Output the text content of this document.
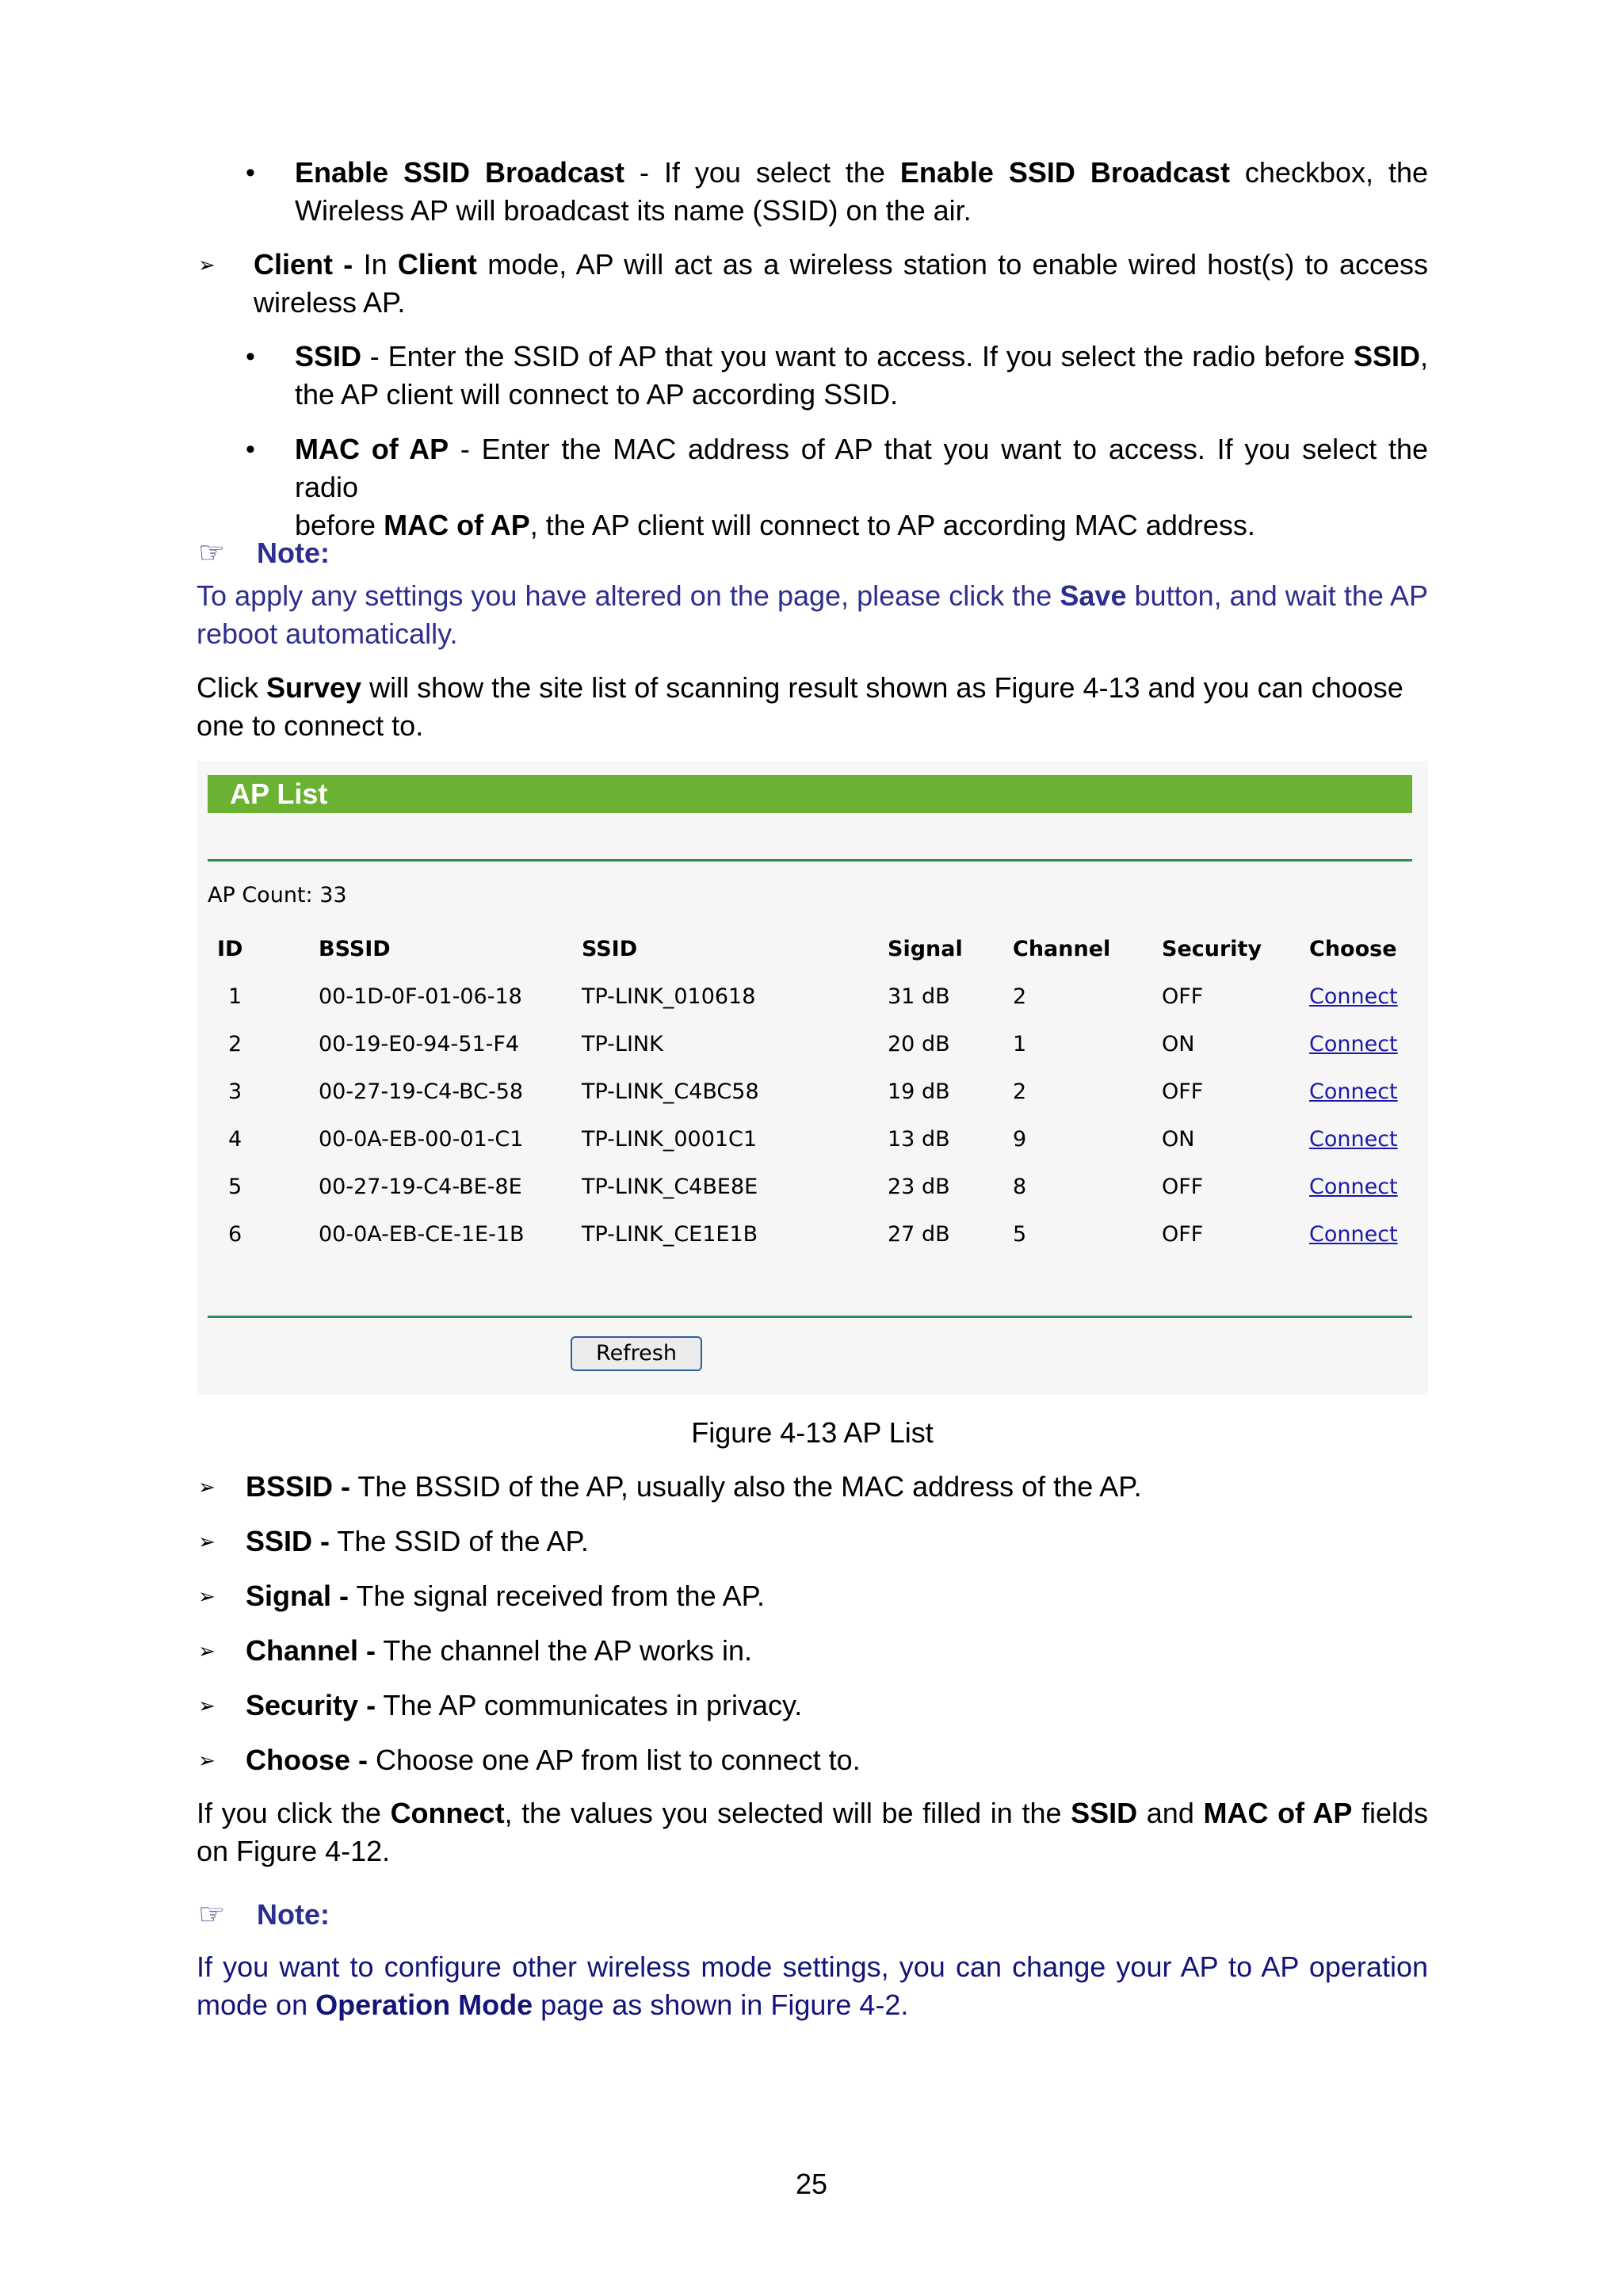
• Enable SSID Broadcast - If you select the Enable SSID Broadcast checkbox, the

Wireless AP will broadcast its name (SSID) on the air.

➢ Client - In Client mode, AP will act as a wireless station to enable wired host(s) to access

wireless AP.

• SSID - Enter the SSID of AP that you want to access. If you select the radio before SSID,

the AP client will connect to AP according SSID.

• MAC of AP - Enter the MAC address of AP that you want to access. If you select the radio

before MAC of AP, the AP client will connect to AP according MAC address.

☞ Note:

To apply any settings you have altered on the page, please click the Save button, and wait the AP

reboot automatically.

Click Survey will show the site list of scanning result shown as Figure 4-13 and you can choose

one to connect to.

AP List
AP Count: 33
ID	BSSID	SSID	Signal Channel Security Choose
1	00-1D-0F-01-06-18	TP-LINK_010618	31 dB	2	OFF	Connect
2	00-19-E0-94-51-F4	TP-LINK	20 dB	1	ON	Connect
3	00-27-19-C4-BC-58	TP-LINK_C4BC58	19 dB	2	OFF	Connect
4	00-0A-EB-00-01-C1	TP-LINK_0001C1	13 dB	9	ON	Connect
5	00-27-19-C4-BE-8E	TP-LINK_C4BE8E	23 dB	8	OFF	Connect
6	00-0A-EB-CE-1E-1B	TP-LINK_CE1E1B	27 dB	5	OFF	Connect
Refresh
Figure 4-13 AP List
➢ BSSID - The BSSID of the AP, usually also the MAC address of the AP.
➢ SSID - The SSID of the AP.
➢ Signal - The signal received from the AP.
➢ Channel - The channel the AP works in.
➢ Security - The AP communicates in privacy.
➢ Choose - Choose one AP from list to connect to.

If you click the Connect, the values you selected will be filled in the SSID and MAC of AP fields

on Figure 4-12.

☞ Note:

If you want to configure other wireless mode settings, you can change your AP to AP operation

mode on Operation Mode page as shown in Figure 4-2.

25
